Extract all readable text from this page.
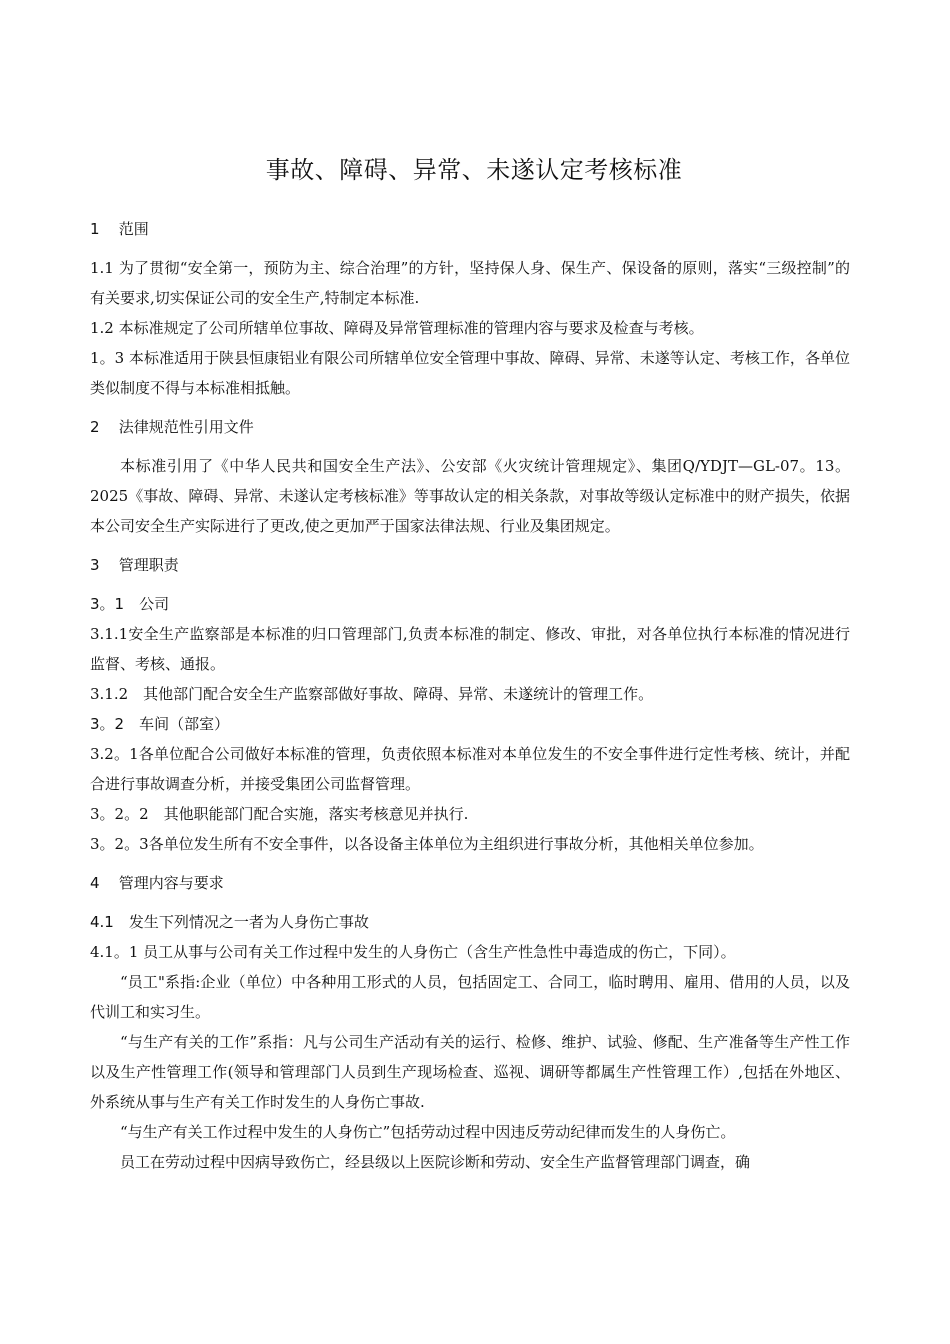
事故、障碍、异常、未遂认定考核标准
1 范围

1.1 为了贯彻“安全第一，预防为主、综合治理”的方针，坚持保人身、保生产、保设备的原则，落实“三级控制”的有关要求,切实保证公司的安全生产,特制定本标准.

1.2 本标准规定了公司所辖单位事故、障碍及异常管理标准的管理内容与要求及检查与考核。

1。3 本标准适用于陕县恒康铝业有限公司所辖单位安全管理中事故、障碍、异常、未遂等认定、考核工作，各单位类似制度不得与本标准相抵触。

2 法律规范性引用文件

本标准引用了《中华人民共和国安全生产法》、公安部《火灾统计管理规定》、集团Q/YDJT—GL-07。13。2025《事故、障碍、异常、未遂认定考核标准》等事故认定的相关条款，对事故等级认定标准中的财产损失，依据本公司安全生产实际进行了更改,使之更加严于国家法律法规、行业及集团规定。

3 管理职责
3。1　公司

3.1.1安全生产监察部是本标准的归口管理部门,负责本标准的制定、修改、审批，对各单位执行本标准的情况进行监督、考核、通报。

3.1.2　其他部门配合安全生产监察部做好事故、障碍、异常、未遂统计的管理工作。

3。2　车间（部室）

3.2。1各单位配合公司做好本标准的管理，负责依照本标准对本单位发生的不安全事件进行定性考核、统计，并配合进行事故调查分析，并接受集团公司监督管理。

3。2。2　其他职能部门配合实施，落实考核意见并执行.

3。2。3各单位发生所有不安全事件，以各设备主体单位为主组织进行事故分析，其他相关单位参加。

4 管理内容与要求
4.1　发生下列情况之一者为人身伤亡事故

4.1。1 员工从事与公司有关工作过程中发生的人身伤亡（含生产性急性中毒造成的伤亡，下同）。

“员工"系指:企业（单位）中各种用工形式的人员，包括固定工、合同工，临时聘用、雇用、借用的人员，以及代训工和实习生。

“与生产有关的工作”系指：凡与公司生产活动有关的运行、检修、维护、试验、修配、生产准备等生产性工作以及生产性管理工作(领导和管理部门人员到生产现场检查、巡视、调研等都属生产性管理工作）,包括在外地区、外系统从事与生产有关工作时发生的人身伤亡事故.

“与生产有关工作过程中发生的人身伤亡”包括劳动过程中因违反劳动纪律而发生的人身伤亡。

员工在劳动过程中因病导致伤亡，经县级以上医院诊断和劳动、安全生产监督管理部门调查，确
